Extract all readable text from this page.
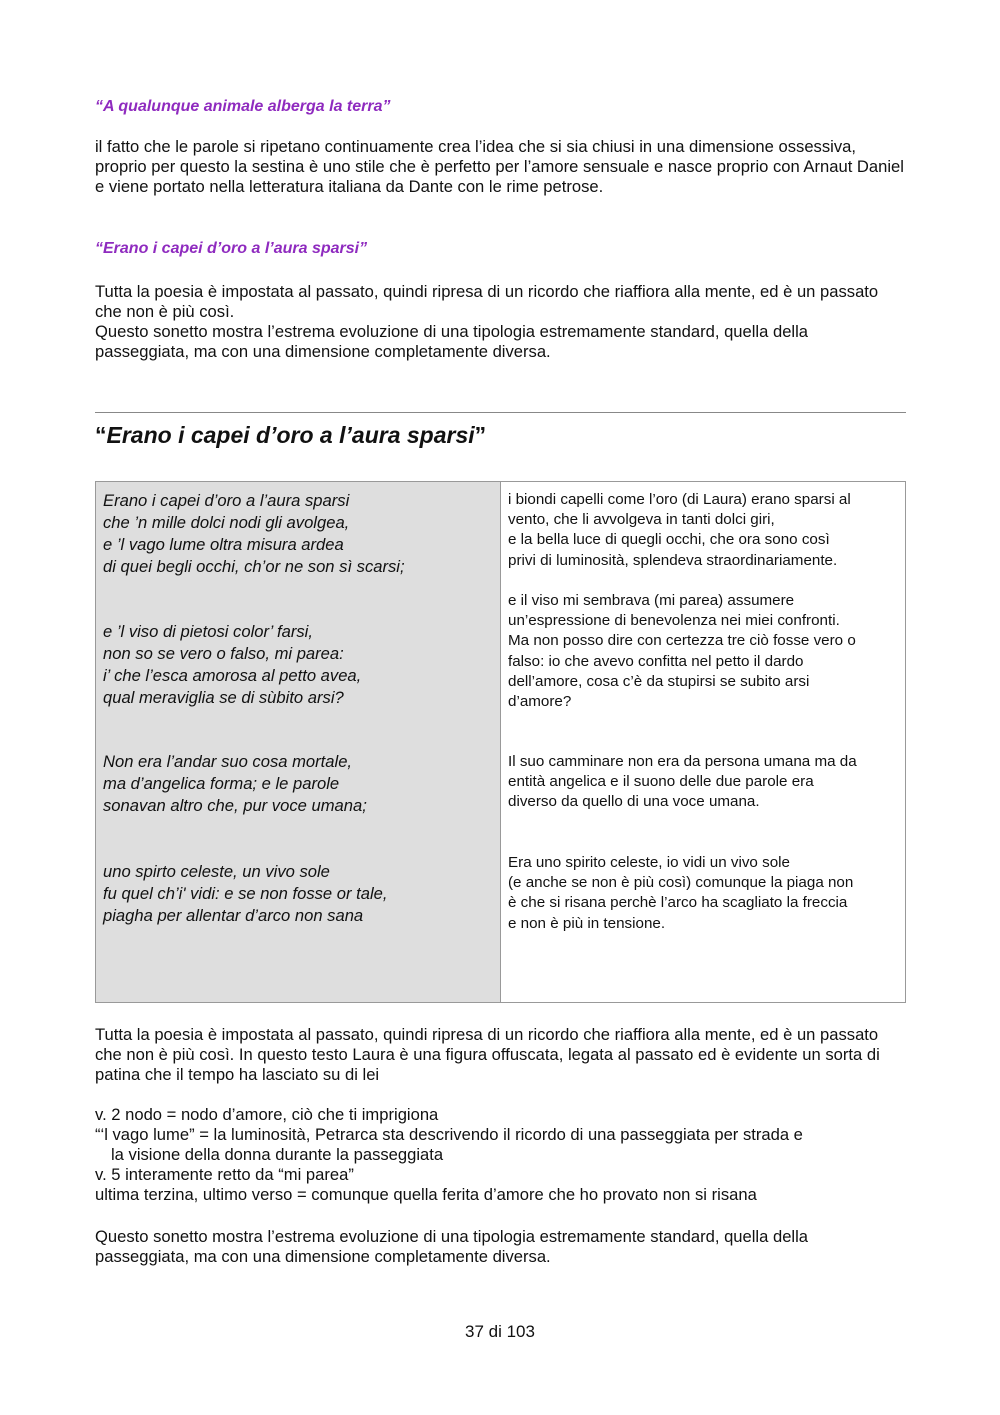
“A qualunque animale alberga la terra”

il fatto che le parole si ripetano continuamente crea l’idea che si sia chiusi in una dimensione ossessiva, proprio per questo la sestina è uno stile che è perfetto per l’amore sensuale e nasce proprio con Arnaut Daniel e viene portato nella letteratura italiana da Dante con le rime petrose.

“Erano i capei d’oro a l’aura sparsi”

Tutta la poesia è impostata al passato, quindi ripresa di un ricordo che riaffiora alla mente, ed è un passato che non è più così.

Questo sonetto mostra l’estrema evoluzione di una tipologia estremamente standard, quella della passeggiata, ma con una dimensione completamente diversa.

“Erano i capei d’oro a l’aura sparsi”
Erano i capei d’oro a l’aura sparsi
che ’n mille dolci nodi gli avolgea,
e ’l vago lume oltra misura ardea
di quei begli occhi, ch’or ne son sì scarsi;
e ’l viso di pietosi color’ farsi,
non so se vero o falso, mi parea:
i’ che l’esca amorosa al petto avea,
qual meraviglia se di sùbito arsi?
Non era l’andar suo cosa mortale,
ma d’angelica forma; e le parole
sonavan altro che, pur voce umana;
uno spirto celeste, un vivo sole
fu quel ch’i' vidi: e se non fosse or tale,
piagha per allentar d’arco non sana
i biondi capelli come l’oro (di Laura) erano sparsi al
vento, che li avvolgeva in tanti dolci giri,
e la bella luce di quegli occhi, che ora sono così
privi di luminosità, splendeva straordinariamente.
e il viso mi sembrava (mi parea) assumere
un’espressione di benevolenza nei miei confronti.
Ma non posso dire con certezza tre ciò fosse vero o
falso: io che avevo confitta nel petto il dardo
dell’amore, cosa c’è da stupirsi se subito arsi
d’amore?
Il suo camminare non era da persona umana ma da
entità angelica e il suono delle due parole era
diverso da quello di una voce umana.
Era uno spirito celeste, io vidi un vivo sole
(e anche se non è più così) comunque la piaga non
è che si risana perchè l’arco ha scagliato la freccia
e non è più in tensione.

Tutta la poesia è impostata al passato, quindi ripresa di un ricordo che riaffiora alla mente, ed è un passato che non è più così. In questo testo Laura è una figura offuscata, legata al passato ed è evidente un sorta di patina che il tempo ha lasciato su di lei

v. 2 nodo = nodo d’amore, ciò che ti imprigiona
“‘l vago lume” = la luminosità, Petrarca sta descrivendo il ricordo di una passeggiata per strada e
la visione della donna durante la passeggiata
v. 5 interamente retto da “mi parea”
ultima terzina, ultimo verso = comunque quella ferita d’amore che ho provato non si risana

Questo sonetto mostra l’estrema evoluzione di una tipologia estremamente standard, quella della passeggiata, ma con una dimensione completamente diversa.

37 di 103
